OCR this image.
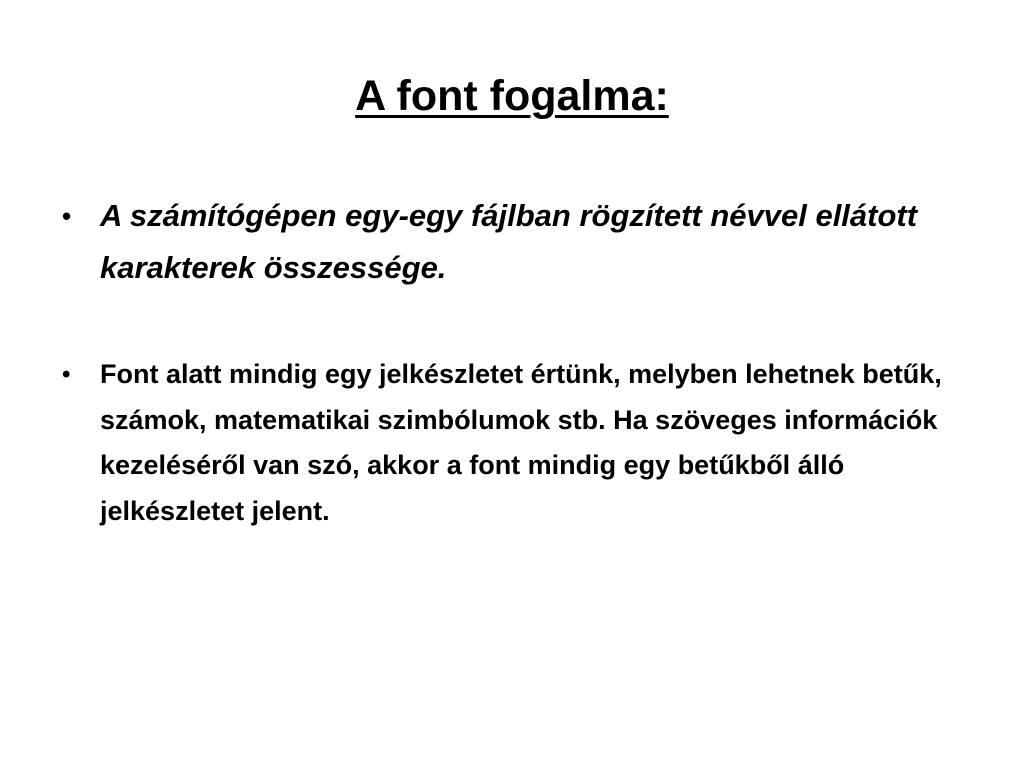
A font fogalma:
• A számítógépen egy-egy fájlban rögzített névvel ellátott karakterek összessége.
•	Font alatt mindig egy jelkészletet értünk, melyben lehetnek betűk, számok, matematikai szimbólumok stb. Ha szöveges információk kezeléséről van szó, akkor a font mindig egy betűkből álló jelkészletet jelent.
